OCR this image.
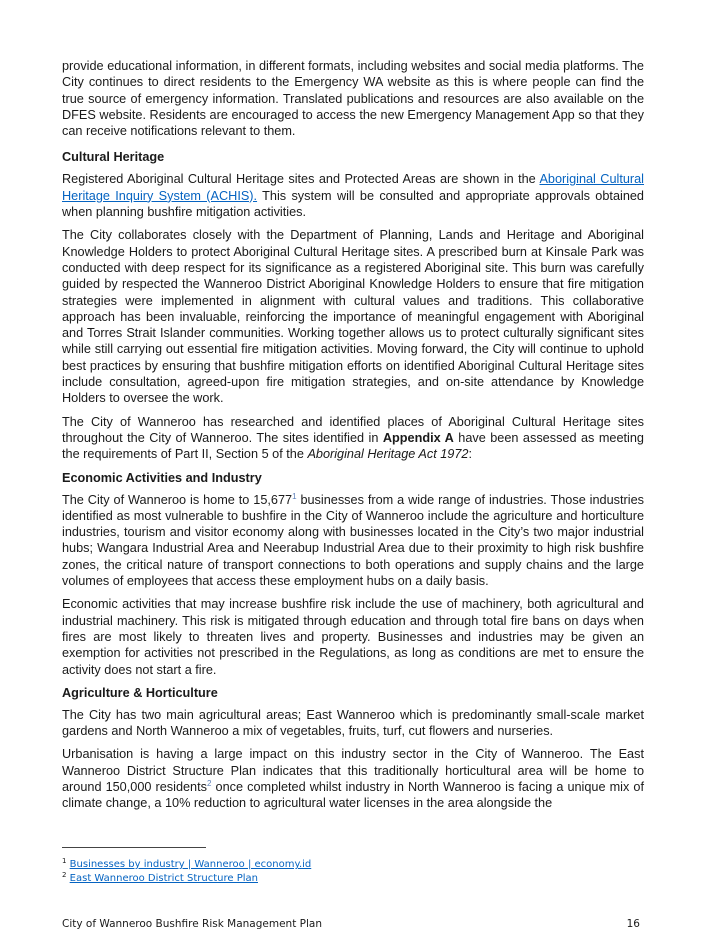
provide educational information, in different formats, including websites and social media platforms. The City continues to direct residents to the Emergency WA website as this is where people can find the true source of emergency information. Translated publications and resources are also available on the DFES website. Residents are encouraged to access the new Emergency Management App so that they can receive notifications relevant to them.

Cultural Heritage

Registered Aboriginal Cultural Heritage sites and Protected Areas are shown in the Aboriginal Cultural Heritage Inquiry System (ACHIS). This system will be consulted and appropriate approvals obtained when planning bushfire mitigation activities.

The City collaborates closely with the Department of Planning, Lands and Heritage and Aboriginal Knowledge Holders to protect Aboriginal Cultural Heritage sites. A prescribed burn at Kinsale Park was conducted with deep respect for its significance as a registered Aboriginal site. This burn was carefully guided by respected the Wanneroo District Aboriginal Knowledge Holders to ensure that fire mitigation strategies were implemented in alignment with cultural values and traditions. This collaborative approach has been invaluable, reinforcing the importance of meaningful engagement with Aboriginal and Torres Strait Islander communities. Working together allows us to protect culturally significant sites while still carrying out essential fire mitigation activities. Moving forward, the City will continue to uphold best practices by ensuring that bushfire mitigation efforts on identified Aboriginal Cultural Heritage sites include consultation, agreed-upon fire mitigation strategies, and on-site attendance by Knowledge Holders to oversee the work.

The City of Wanneroo has researched and identified places of Aboriginal Cultural Heritage sites throughout the City of Wanneroo. The sites identified in Appendix A have been assessed as meeting the requirements of Part II, Section 5 of the Aboriginal Heritage Act 1972:

Economic Activities and Industry

The City of Wanneroo is home to 15,677$^1$ businesses from a wide range of industries. Those industries identified as most vulnerable to bushfire in the City of Wanneroo include the agriculture and horticulture industries, tourism and visitor economy along with businesses located in the City’s two major industrial hubs; Wangara Industrial Area and Neerabup Industrial Area due to their proximity to high risk bushfire zones, the critical nature of transport connections to both operations and supply chains and the large volumes of employees that access these employment hubs on a daily basis.

Economic activities that may increase bushfire risk include the use of machinery, both agricultural and industrial machinery. This risk is mitigated through education and through total fire bans on days when fires are most likely to threaten lives and property. Businesses and industries may be given an exemption for activities not prescribed in the Regulations, as long as conditions are met to ensure the activity does not start a fire.

Agriculture & Horticulture

The City has two main agricultural areas; East Wanneroo which is predominantly small-scale market gardens and North Wanneroo a mix of vegetables, fruits, turf, cut flowers and nurseries.

Urbanisation is having a large impact on this industry sector in the City of Wanneroo. The East Wanneroo District Structure Plan indicates that this traditionally horticultural area will be home to around 150,000 residents$^2$ once completed whilst industry in North Wanneroo is facing a unique mix of climate change, a 10% reduction to agricultural water licenses in the area alongside the

$^1$ Businesses by industry | Wanneroo | economy.id

$^2$ East Wanneroo District Structure Plan

City of Wanneroo Bushfire Risk Management Plan	16
